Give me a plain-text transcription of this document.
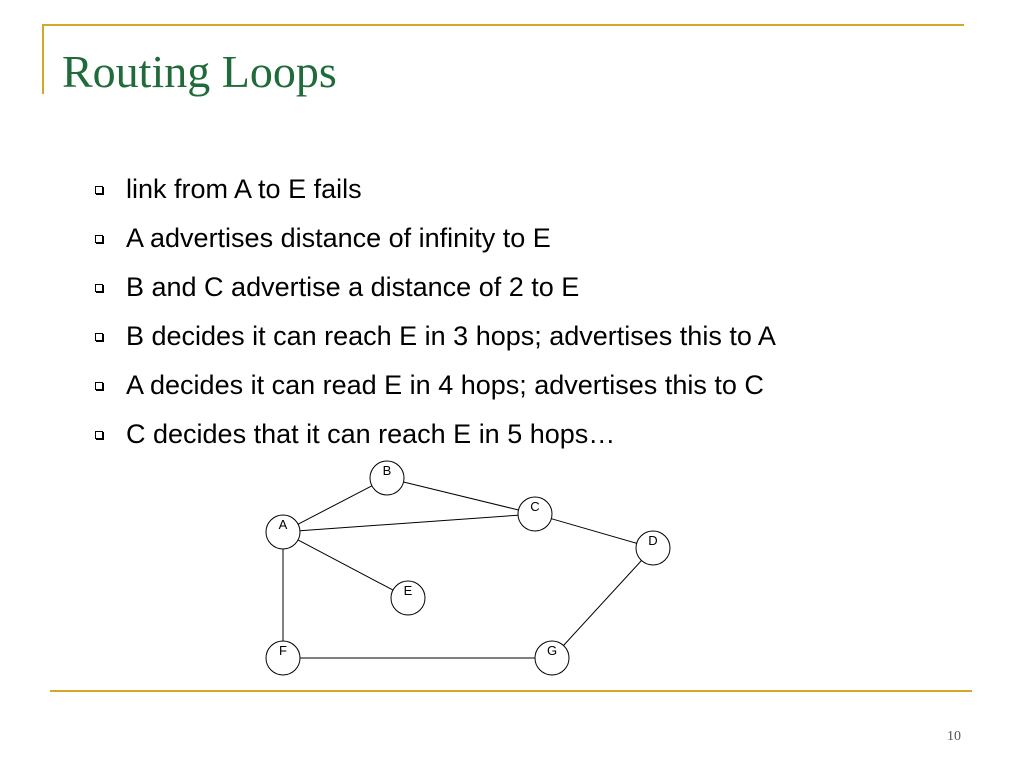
Routing Loops
link from A to E fails
A advertises distance of infinity to E
B and C advertise a distance of 2 to E
B decides it can reach E in 3 hops; advertises this to A
A decides it can read E in 4 hops; advertises this to C
C decides that it can reach E in 5 hops…
A
B
C
D
E
F	G
10
